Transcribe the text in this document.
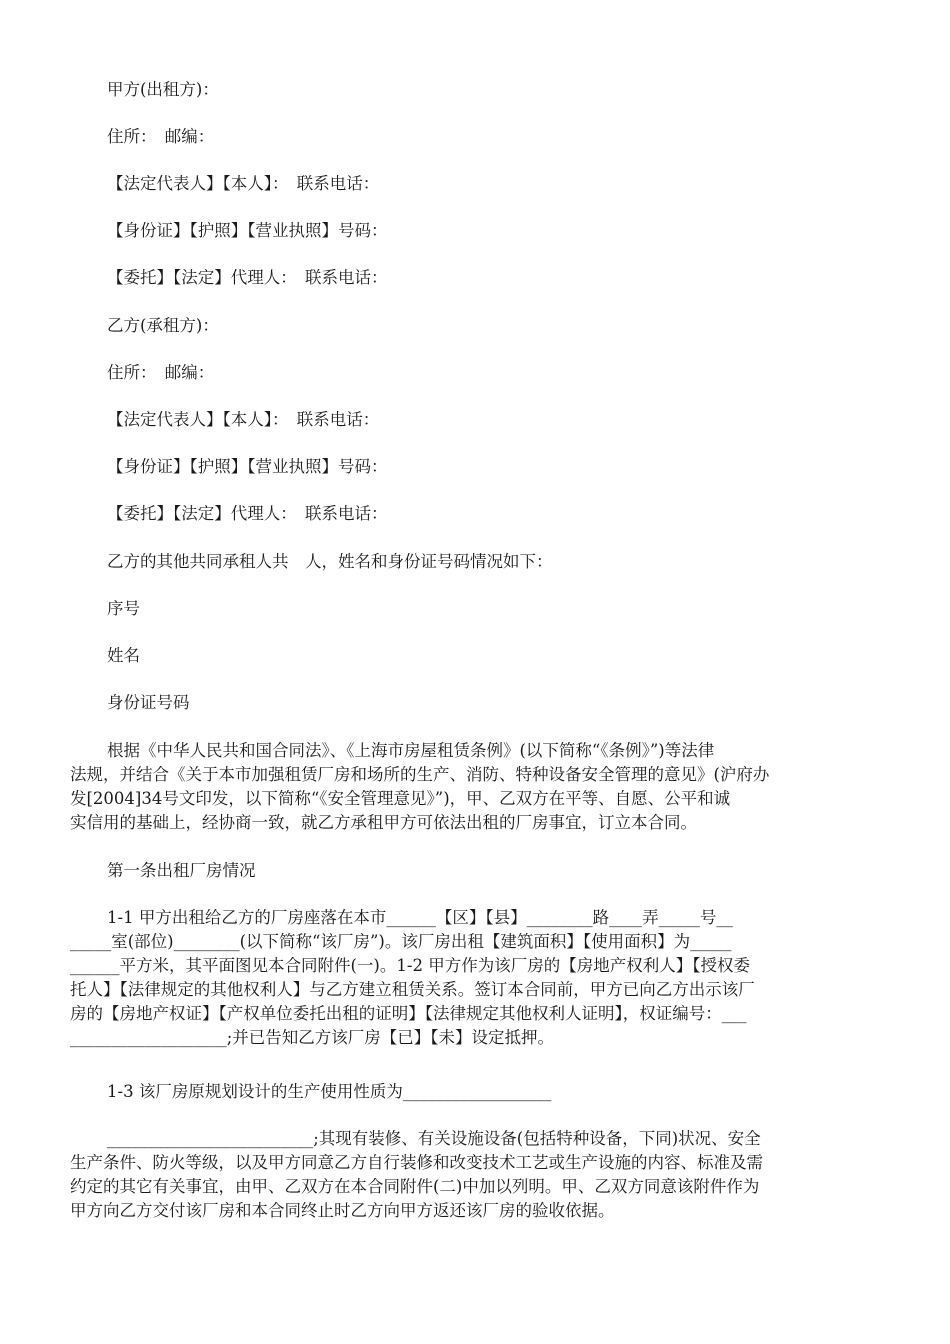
甲方(出租方)：
住所：　邮编：
【法定代表人】【本人】：　联系电话：
【身份证】【护照】【营业执照】号码：
【委托】【法定】代理人：　联系电话：
乙方(承租方)：
住所：　邮编：
【法定代表人】【本人】：　联系电话：
【身份证】【护照】【营业执照】号码：
【委托】【法定】代理人：　联系电话：
乙方的其他共同承租人共　人，姓名和身份证号码情况如下：
序号
姓名
身份证号码
根据《中华人民共和国合同法》、《上海市房屋租赁条例》(以下简称“《条例》”)等法律
法规，并结合《关于本市加强租赁厂房和场所的生产、消防、特种设备安全管理的意见》(沪府办
发[2004]34号文印发，以下简称“《安全管理意见》”)，甲、乙双方在平等、自愿、公平和诚
实信用的基础上，经协商一致，就乙方承租甲方可依法出租的厂房事宜，订立本合同。
第一条出租厂房情况
1-1 甲方出租给乙方的厂房座落在本市______【区】【县】________路____弄_____号__
_____室(部位)________(以下简称“该厂房”)。该厂房出租【建筑面积】【使用面积】为_____
______平方米，其平面图见本合同附件(一)。1-2 甲方作为该厂房的【房地产权利人】【授权委
托人】【法律规定的其他权利人】与乙方建立租赁关系。签订本合同前，甲方已向乙方出示该厂
房的【房地产权证】【产权单位委托出租的证明】【法律规定其他权利人证明】，权证编号：___
___________________;并已告知乙方该厂房【已】【未】设定抵押。
1-3 该厂房原规划设计的生产使用性质为__________________
_________________________;其现有装修、有关设施设备(包括特种设备，下同)状况、安全
生产条件、防火等级，以及甲方同意乙方自行装修和改变技术工艺或生产设施的内容、标准及需
约定的其它有关事宜，由甲、乙双方在本合同附件(二)中加以列明。甲、乙双方同意该附件作为
甲方向乙方交付该厂房和本合同终止时乙方向甲方返还该厂房的验收依据。
